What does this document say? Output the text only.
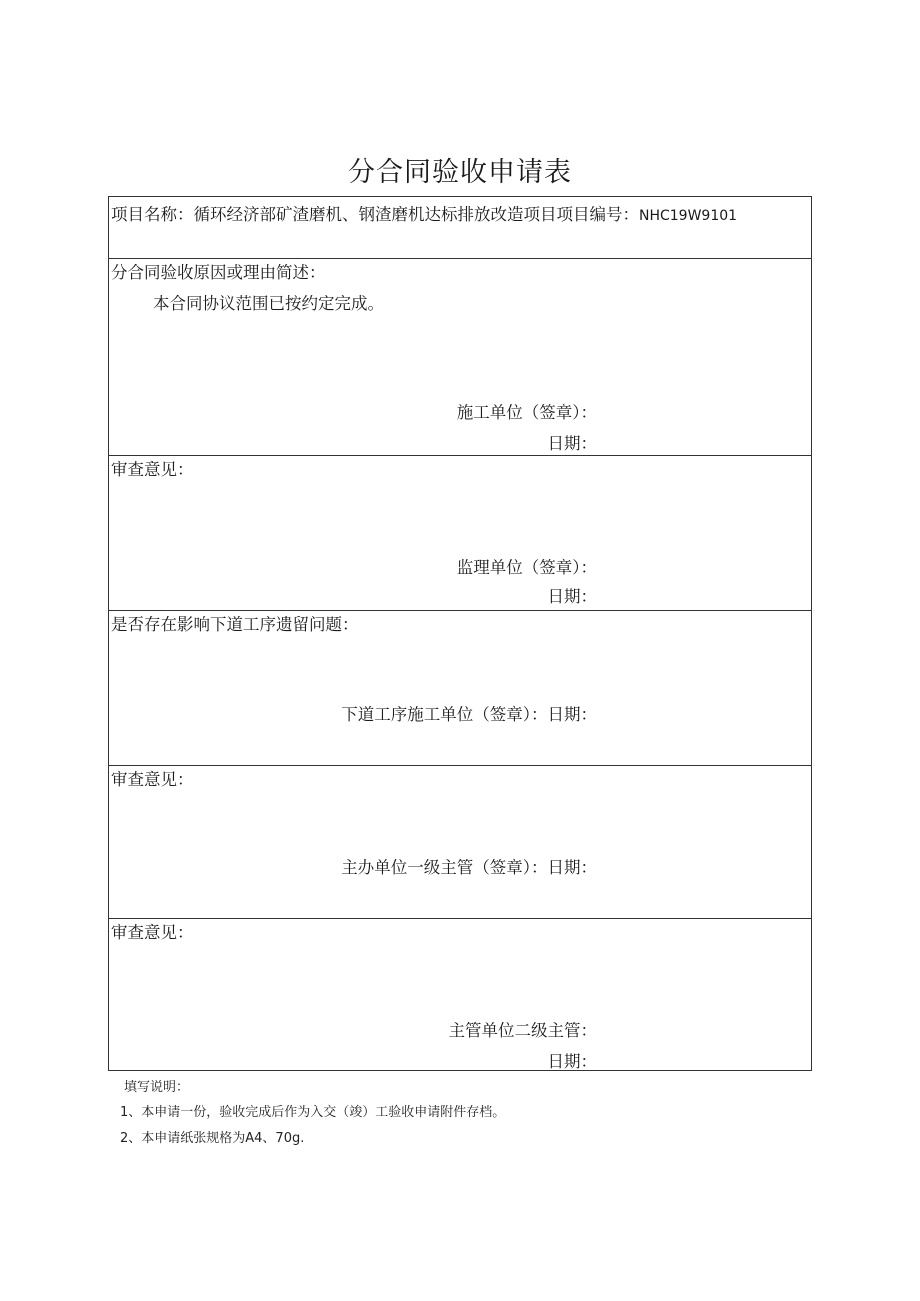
分合同验收申请表
项目名称：循环经济部矿渣磨机、钢渣磨机达标排放改造项目项目编号：NHC19W9101
分合同验收原因或理由简述：
本合同协议范围已按约定完成。
施工单位（签章）：
日期：
审查意见：
监理单位（签章）：
日期：
是否存在影响下道工序遗留问题：
下道工序施工单位（签章）：日期：
审查意见：
主办单位一级主管（签章）：日期：
审查意见：
主管单位二级主管：
日期：
填写说明：
1、本申请一份，验收完成后作为入交（竣）工验收申请附件存档。
2、本申请纸张规格为A4、70g.
